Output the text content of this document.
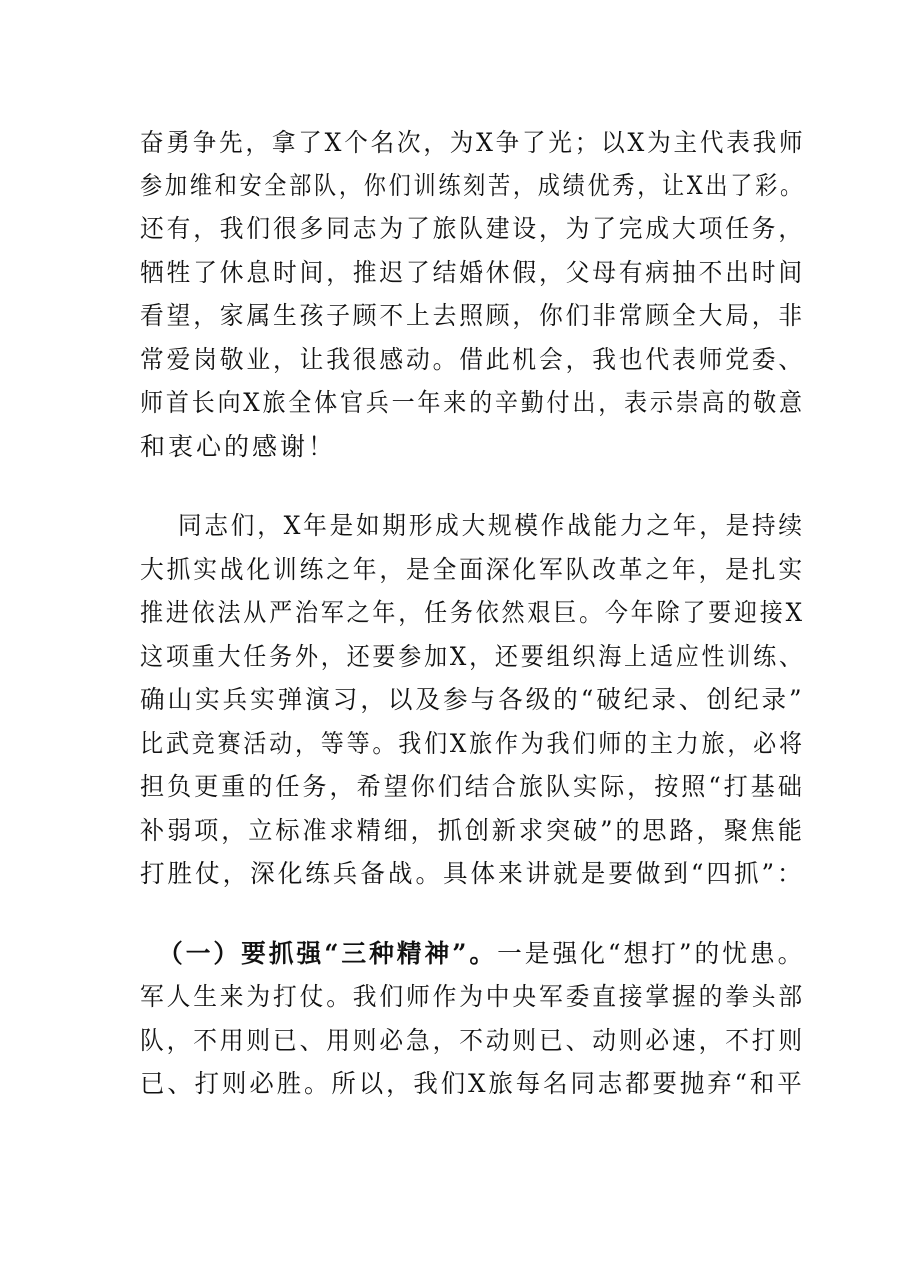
奋勇争先，拿了X个名次，为X争了光；以X为主代表我师
参加维和安全部队，你们训练刻苦，成绩优秀，让X出了彩。
还有，我们很多同志为了旅队建设，为了完成大项任务，
牺牲了休息时间，推迟了结婚休假，父母有病抽不出时间
看望，家属生孩子顾不上去照顾，你们非常顾全大局，非
常爱岗敬业，让我很感动。借此机会，我也代表师党委、
师首长向X旅全体官兵一年来的辛勤付出，表示崇高的敬意
和衷心的感谢！
同志们，X年是如期形成大规模作战能力之年，是持续
大抓实战化训练之年，是全面深化军队改革之年，是扎实
推进依法从严治军之年，任务依然艰巨。今年除了要迎接X
这项重大任务外，还要参加X，还要组织海上适应性训练、
确山实兵实弹演习，以及参与各级的“破纪录、创纪录”
比武竞赛活动，等等。我们X旅作为我们师的主力旅，必将
担负更重的任务，希望你们结合旅队实际，按照“打基础
补弱项，立标准求精细，抓创新求突破”的思路，聚焦能
打胜仗，深化练兵备战。具体来讲就是要做到“四抓”：
（一）要抓强“三种精神”。一是强化“想打”的忧患。
军人生来为打仗。我们师作为中央军委直接掌握的拳头部
队，不用则已、用则必急，不动则已、动则必速，不打则
已、打则必胜。所以，我们X旅每名同志都要抛弃“和平
